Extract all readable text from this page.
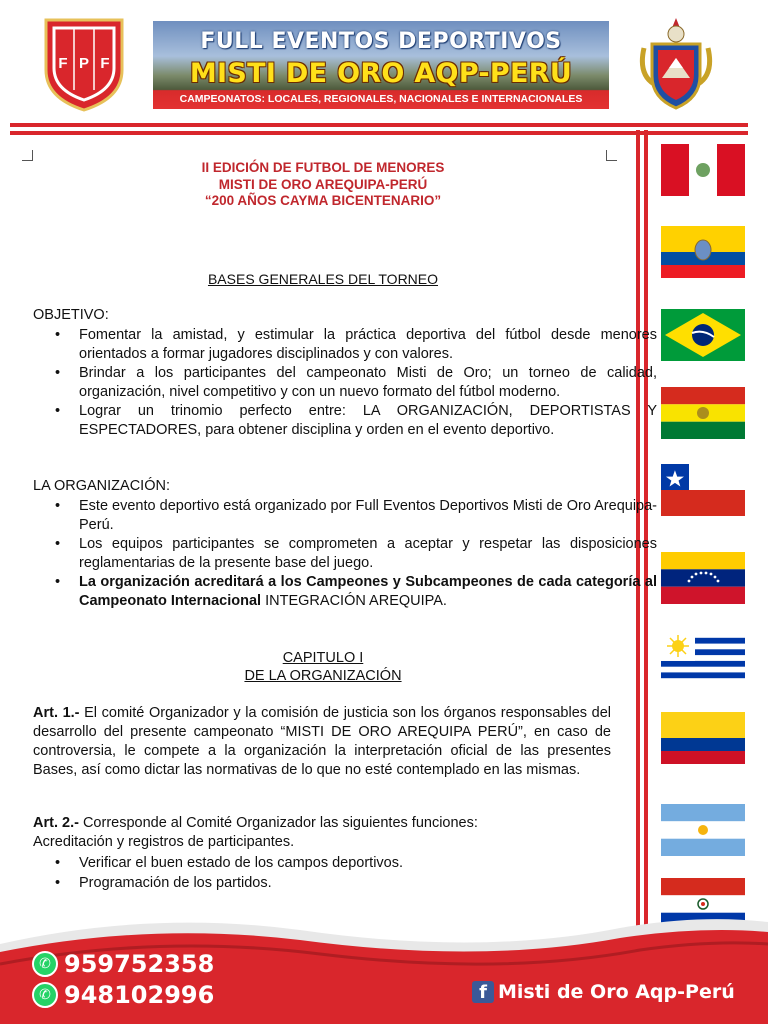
F P F
FULL EVENTOS DEPORTIVOS
MISTI DE ORO AQP-PERÚ
CAMPEONATOS: LOCALES, REGIONALES, NACIONALES E INTERNACIONALES
II EDICIÓN DE FUTBOL DE MENORES
MISTI DE ORO AREQUIPA-PERÚ
“200 AÑOS CAYMA BICENTENARIO”
BASES GENERALES DEL TORNEO
OBJETIVO:
• Fomentar la amistad, y estimular la práctica deportiva del fútbol desde menores orientados a formar jugadores disciplinados y con valores.
• Brindar a los participantes del campeonato Misti de Oro; un torneo de calidad, organización, nivel competitivo y con un nuevo formato del fútbol moderno.
• Lograr un trinomio perfecto entre: LA ORGANIZACIÓN, DEPORTISTAS Y ESPECTADORES, para obtener disciplina y orden en el evento deportivo.
LA ORGANIZACIÓN:
• Este evento deportivo está organizado por Full Eventos Deportivos Misti de Oro Arequipa-Perú.
• Los equipos participantes se comprometen a aceptar y respetar las disposiciones reglamentarias de la presente base del juego.
• La organización acreditará a los Campeones y Subcampeones de cada categoría al Campeonato Internacional INTEGRACIÓN AREQUIPA.
CAPITULO I
DE LA ORGANIZACIÓN
Art. 1.- El comité Organizador y la comisión de justicia son los órganos responsables del desarrollo del presente campeonato “MISTI DE ORO AREQUIPA PERÚ”, en caso de controversia, le compete a la organización la interpretación oficial de las presentes Bases, así como dictar las normativas de lo que no esté contemplado en las mismas.
Art. 2.- Corresponde al Comité Organizador las siguientes funciones:
Acreditación y registros de participantes.
• Verificar el buen estado de los campos deportivos.
• Programación de los partidos.
✆ 959752358
✆ 948102996	f Misti de Oro Aqp-Perú
